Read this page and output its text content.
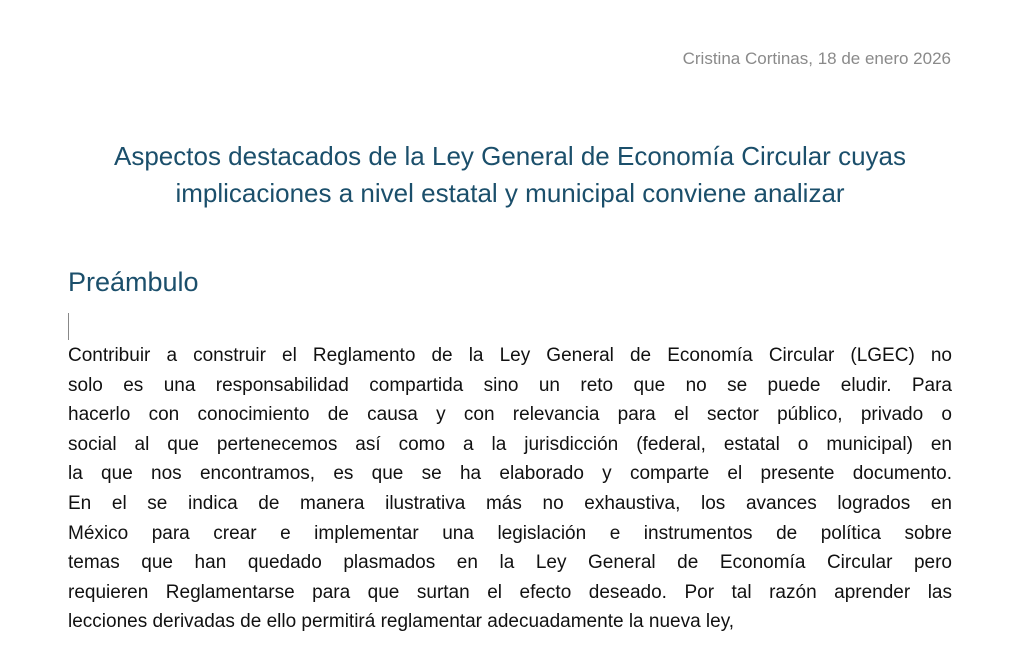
Cristina Cortinas, 18 de enero 2026
Aspectos destacados de la Ley General de Economía Circular cuyas
implicaciones a nivel estatal y municipal conviene analizar
Preámbulo
Contribuir a construir el Reglamento de la Ley General de Economía Circular (LGEC) no
solo es una responsabilidad compartida sino un reto que no se puede eludir. Para
hacerlo con conocimiento de causa y con relevancia para el sector público, privado o
social al que pertenecemos así como a la jurisdicción (federal, estatal o municipal) en
la que nos encontramos, es que se ha elaborado y comparte el presente documento.
En el se indica de manera ilustrativa más no exhaustiva, los avances logrados en
México para crear e implementar una legislación e instrumentos de política sobre
temas que han quedado plasmados en la Ley General de Economía Circular pero
requieren Reglamentarse para que surtan el efecto deseado. Por tal razón aprender las
lecciones derivadas de ello permitirá reglamentar adecuadamente la nueva ley,
